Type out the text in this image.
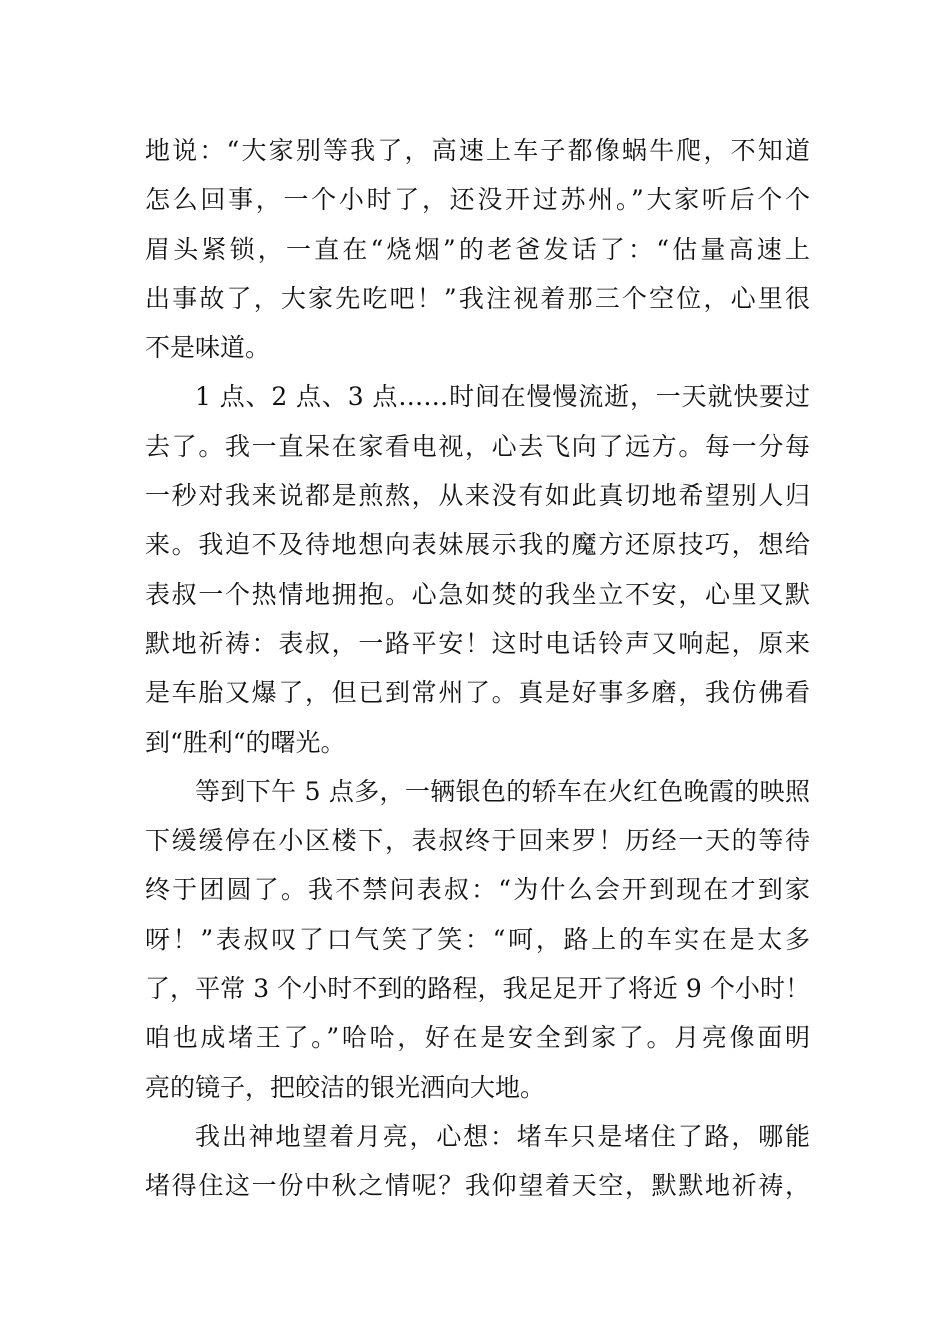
地说：“大家别等我了，高速上车子都像蜗牛爬，不知道
怎么回事，一个小时了，还没开过苏州。”大家听后个个
眉头紧锁，一直在“烧烟”的老爸发话了：“估量高速上
出事故了，大家先吃吧！”我注视着那三个空位，心里很
不是味道。
1 点、2 点、3 点……时间在慢慢流逝，一天就快要过
去了。我一直呆在家看电视，心去飞向了远方。每一分每
一秒对我来说都是煎熬，从来没有如此真切地希望别人归
来。我迫不及待地想向表妹展示我的魔方还原技巧，想给
表叔一个热情地拥抱。心急如焚的我坐立不安，心里又默
默地祈祷：表叔，一路平安！这时电话铃声又响起，原来
是车胎又爆了，但已到常州了。真是好事多磨，我仿佛看
到“胜利“的曙光。
等到下午 5 点多，一辆银色的轿车在火红色晚霞的映照
下缓缓停在小区楼下，表叔终于回来罗！历经一天的等待
终于团圆了。我不禁问表叔：“为什么会开到现在才到家
呀！”表叔叹了口气笑了笑：“呵，路上的车实在是太多
了，平常 3 个小时不到的路程，我足足开了将近 9 个小时！
咱也成堵王了。”哈哈，好在是安全到家了。月亮像面明
亮的镜子，把皎洁的银光洒向大地。
我出神地望着月亮，心想：堵车只是堵住了路，哪能
堵得住这一份中秋之情呢？我仰望着天空，默默地祈祷，
